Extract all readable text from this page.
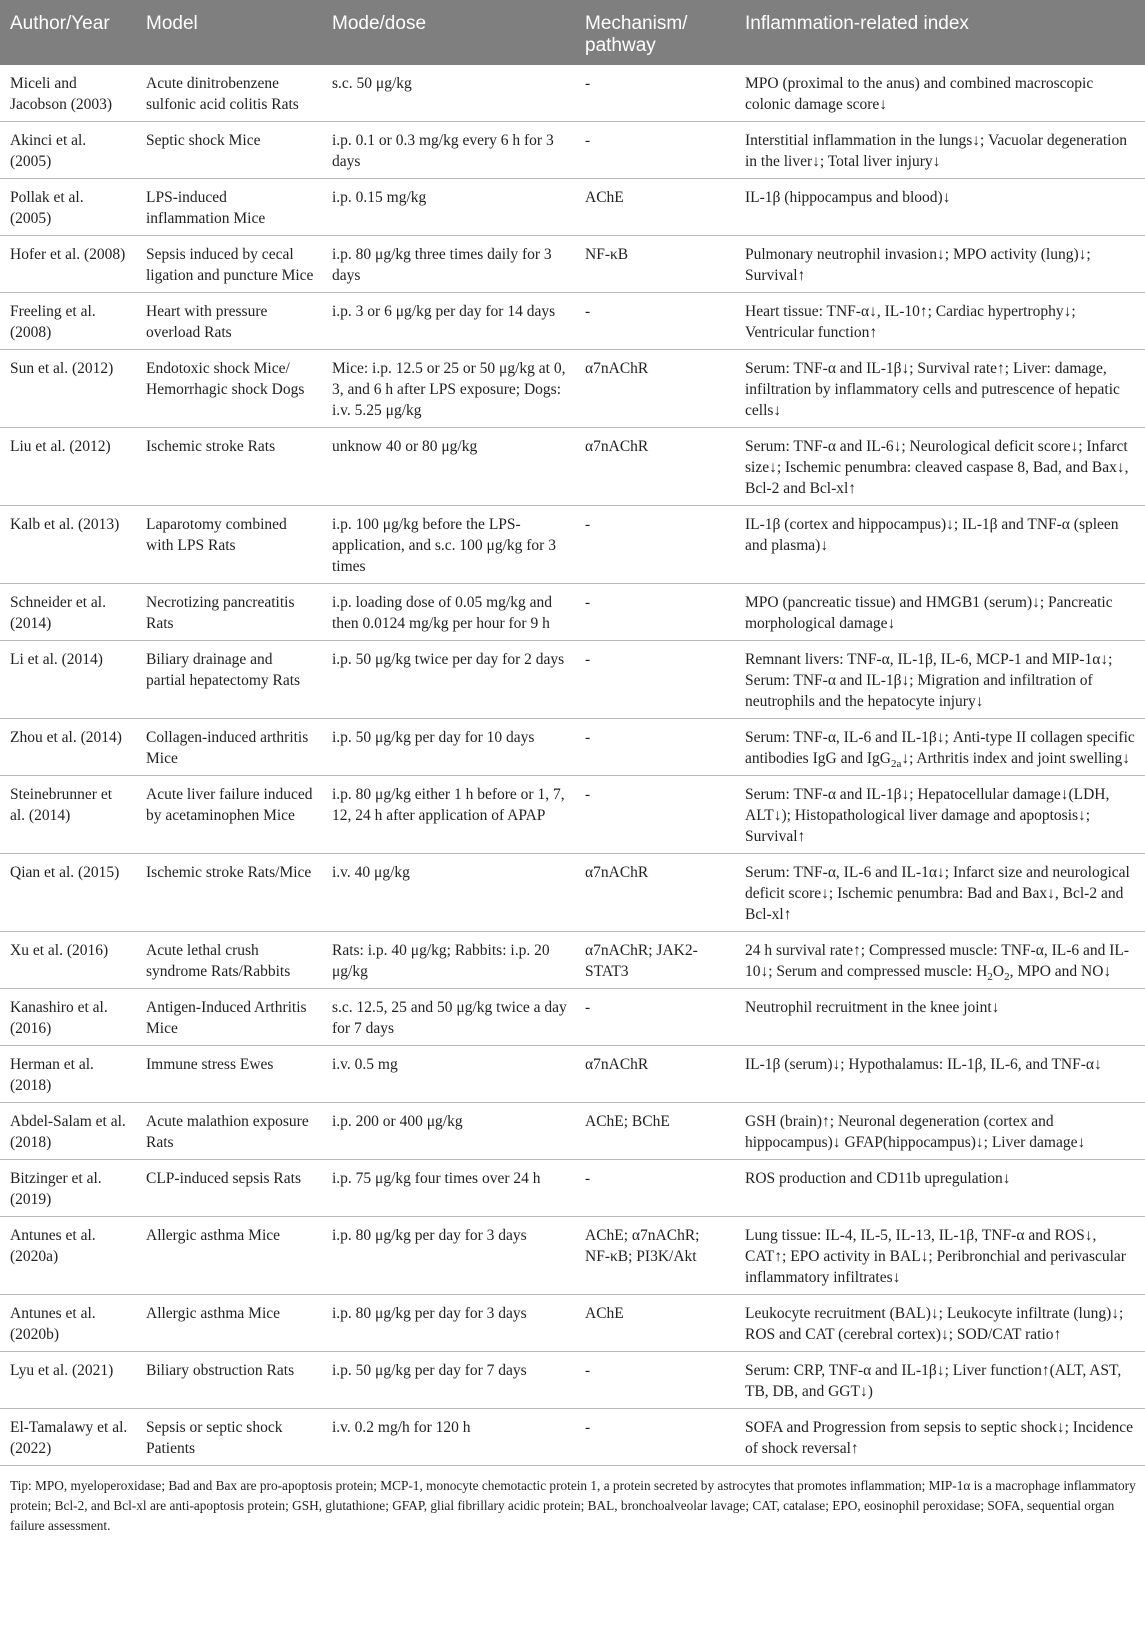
Author/Year	Model	Mode/dose	Mechanism/ pathway	Inflammation-related index
Miceli and Jacobson (2003)	Acute dinitrobenzene sulfonic acid colitis Rats	s.c. 50 μg/kg	-	MPO (proximal to the anus) and combined macroscopic colonic damage score↓
Akinci et al. (2005)	Septic shock Mice	i.p. 0.1 or 0.3 mg/kg every 6 h for 3 days	-	Interstitial inflammation in the lungs↓; Vacuolar degeneration in the liver↓; Total liver injury↓
Pollak et al. (2005)	LPS-induced inflammation Mice	i.p. 0.15 mg/kg	AChE	IL-1β (hippocampus and blood)↓
Hofer et al. (2008)	Sepsis induced by cecal ligation and puncture Mice	i.p. 80 μg/kg three times daily for 3 days	NF-κB	Pulmonary neutrophil invasion↓; MPO activity (lung)↓; Survival↑
Freeling et al. (2008)	Heart with pressure overload Rats	i.p. 3 or 6 μg/kg per day for 14 days	-	Heart tissue: TNF-α↓, IL-10↑; Cardiac hypertrophy↓; Ventricular function↑
Sun et al. (2012)	Endotoxic shock Mice/ Hemorrhagic shock Dogs	Mice: i.p. 12.5 or 25 or 50 μg/kg at 0, 3, and 6 h after LPS exposure; Dogs: i.v. 5.25 μg/kg	α7nAChR	Serum: TNF-α and IL-1β↓; Survival rate↑; Liver: damage, infiltration by inflammatory cells and putrescence of hepatic cells↓
Liu et al. (2012)	Ischemic stroke Rats	unknow 40 or 80 μg/kg	α7nAChR	Serum: TNF-α and IL-6↓; Neurological deficit score↓; Infarct size↓; Ischemic penumbra: cleaved caspase 8, Bad, and Bax↓, Bcl-2 and Bcl-xl↑
Kalb et al. (2013)	Laparotomy combined with LPS Rats	i.p. 100 μg/kg before the LPS-application, and s.c. 100 μg/kg for 3 times	-	IL-1β (cortex and hippocampus)↓; IL-1β and TNF-α (spleen and plasma)↓
Schneider et al. (2014)	Necrotizing pancreatitis Rats	i.p. loading dose of 0.05 mg/kg and then 0.0124 mg/kg per hour for 9 h	-	MPO (pancreatic tissue) and HMGB1 (serum)↓; Pancreatic morphological damage↓
Li et al. (2014)	Biliary drainage and partial hepatectomy Rats	i.p. 50 μg/kg twice per day for 2 days	-	Remnant livers: TNF-α, IL-1β, IL-6, MCP-1 and MIP-1α↓; Serum: TNF-α and IL-1β↓; Migration and infiltration of neutrophils and the hepatocyte injury↓
Zhou et al. (2014)	Collagen-induced arthritis Mice	i.p. 50 μg/kg per day for 10 days	-	Serum: TNF-α, IL-6 and IL-1β↓; Anti-type II collagen specific antibodies IgG and IgG$_{2a}$↓; Arthritis index and joint swelling↓
Steinebrunner et al. (2014)	Acute liver failure induced by acetaminophen Mice	i.p. 80 μg/kg either 1 h before or 1, 7, 12, 24 h after application of APAP	-	Serum: TNF-α and IL-1β↓; Hepatocellular damage↓(LDH, ALT↓); Histopathological liver damage and apoptosis↓; Survival↑
Qian et al. (2015)	Ischemic stroke Rats/Mice	i.v. 40 μg/kg	α7nAChR	Serum: TNF-α, IL-6 and IL-1α↓; Infarct size and neurological deficit score↓; Ischemic penumbra: Bad and Bax↓, Bcl-2 and Bcl-xl↑
Xu et al. (2016)	Acute lethal crush syndrome Rats/Rabbits	Rats: i.p. 40 μg/kg; Rabbits: i.p. 20 μg/kg	α7nAChR; JAK2-STAT3	24 h survival rate↑; Compressed muscle: TNF-α, IL-6 and IL-10↓; Serum and compressed muscle: $H_2O_2$, MPO and NO↓
Kanashiro et al. (2016)	Antigen-Induced Arthritis Mice	s.c. 12.5, 25 and 50 μg/kg twice a day for 7 days	-	Neutrophil recruitment in the knee joint↓
Herman et al. (2018)	Immune stress Ewes	i.v. 0.5 mg	α7nAChR	IL-1β (serum)↓; Hypothalamus: IL-1β, IL-6, and TNF-α↓
Abdel-Salam et al. (2018)	Acute malathion exposure Rats	i.p. 200 or 400 μg/kg	AChE; BChE	GSH (brain)↑; Neuronal degeneration (cortex and hippocampus)↓ GFAP(hippocampus)↓; Liver damage↓
Bitzinger et al. (2019)	CLP-induced sepsis Rats	i.p. 75 μg/kg four times over 24 h	-	ROS production and CD11b upregulation↓
Antunes et al. (2020a)	Allergic asthma Mice	i.p. 80 μg/kg per day for 3 days	AChE; α7nAChR; NF-κB; PI3K/Akt	Lung tissue: IL-4, IL-5, IL-13, IL-1β, TNF-α and ROS↓, CAT↑; EPO activity in BAL↓; Peribronchial and perivascular inflammatory infiltrates↓
Antunes et al. (2020b)	Allergic asthma Mice	i.p. 80 μg/kg per day for 3 days	AChE	Leukocyte recruitment (BAL)↓; Leukocyte infiltrate (lung)↓; ROS and CAT (cerebral cortex)↓; SOD/CAT ratio↑
Lyu et al. (2021)	Biliary obstruction Rats	i.p. 50 μg/kg per day for 7 days	-	Serum: CRP, TNF-α and IL-1β↓; Liver function↑(ALT, AST, TB, DB, and GGT↓)
El-Tamalawy et al. (2022)	Sepsis or septic shock Patients	i.v. 0.2 mg/h for 120 h	-	SOFA and Progression from sepsis to septic shock↓; Incidence of shock reversal↑
Tip: MPO, myeloperoxidase; Bad and Bax are pro-apoptosis protein; MCP-1, monocyte chemotactic protein 1, a protein secreted by astrocytes that promotes inflammation; MIP-1α is a macrophage inflammatory protein; Bcl-2, and Bcl-xl are anti-apoptosis protein; GSH, glutathione; GFAP, glial fibrillary acidic protein; BAL, bronchoalveolar lavage; CAT, catalase; EPO, eosinophil peroxidase; SOFA, sequential organ failure assessment.
